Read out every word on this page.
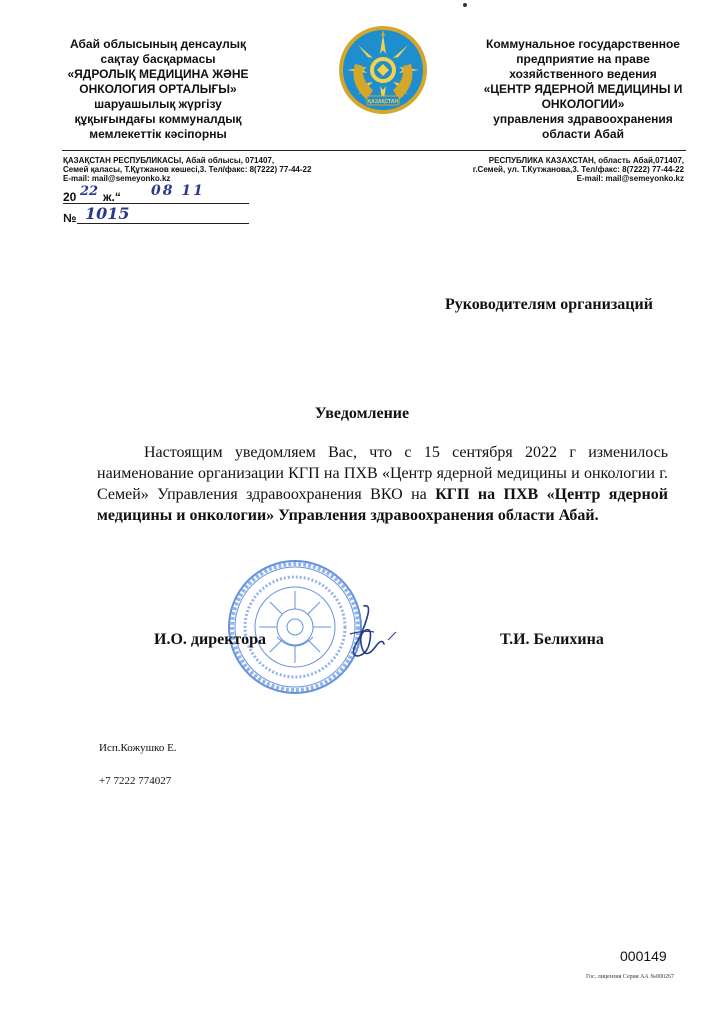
Абай облысының денсаулық
сақтау басқармасы
«ЯДРОЛЫҚ МЕДИЦИНА ЖӘНЕ
ОНКОЛОГИЯ ОРТАЛЫҒЫ»
шаруашылық жүргізу
құқығындағы коммуналдық
мемлекеттік кәсіпорны
ҚАЗАҚСТАН
Коммунальное государственное
предприятие на праве
хозяйственного ведения
«ЦЕНТР ЯДЕРНОЙ МЕДИЦИНЫ И
ОНКОЛОГИИ»
управления здравоохранения
области Абай
ҚАЗАҚСТАН РЕСПУБЛИКАСЫ, Абай облысы, 071407,
Семей қаласы, Т.Құтжанов көшесі,3. Тел/факс: 8(7222) 77-44-22
E-mail: mail@semeyonko.kz
РЕСПУБЛИКА КАЗАХСТАН, область Абай,071407,
г.Семей, ул. Т.Кутжанова,3. Тел/факс: 8(7222) 77-44-22
E-mail: mail@semeyonko.kz
20 22 ж.“ 08 11
№ 1015
Руководителям организаций
Уведомление
Настоящим уведомляем Вас, что с 15 сентября 2022 г изменилось наименование организации КГП на ПХВ «Центр ядерной медицины и онкологии г. Семей» Управления здравоохранения ВКО на КГП на ПХВ «Центр ядерной медицины и онкологии» Управления здравоохранения области Абай.
И.О. директора	Т.И. Белихина
Исп.Кожушко Е.
+7 7222 774027
000149
Гос. лицензия Серия АА №000267
